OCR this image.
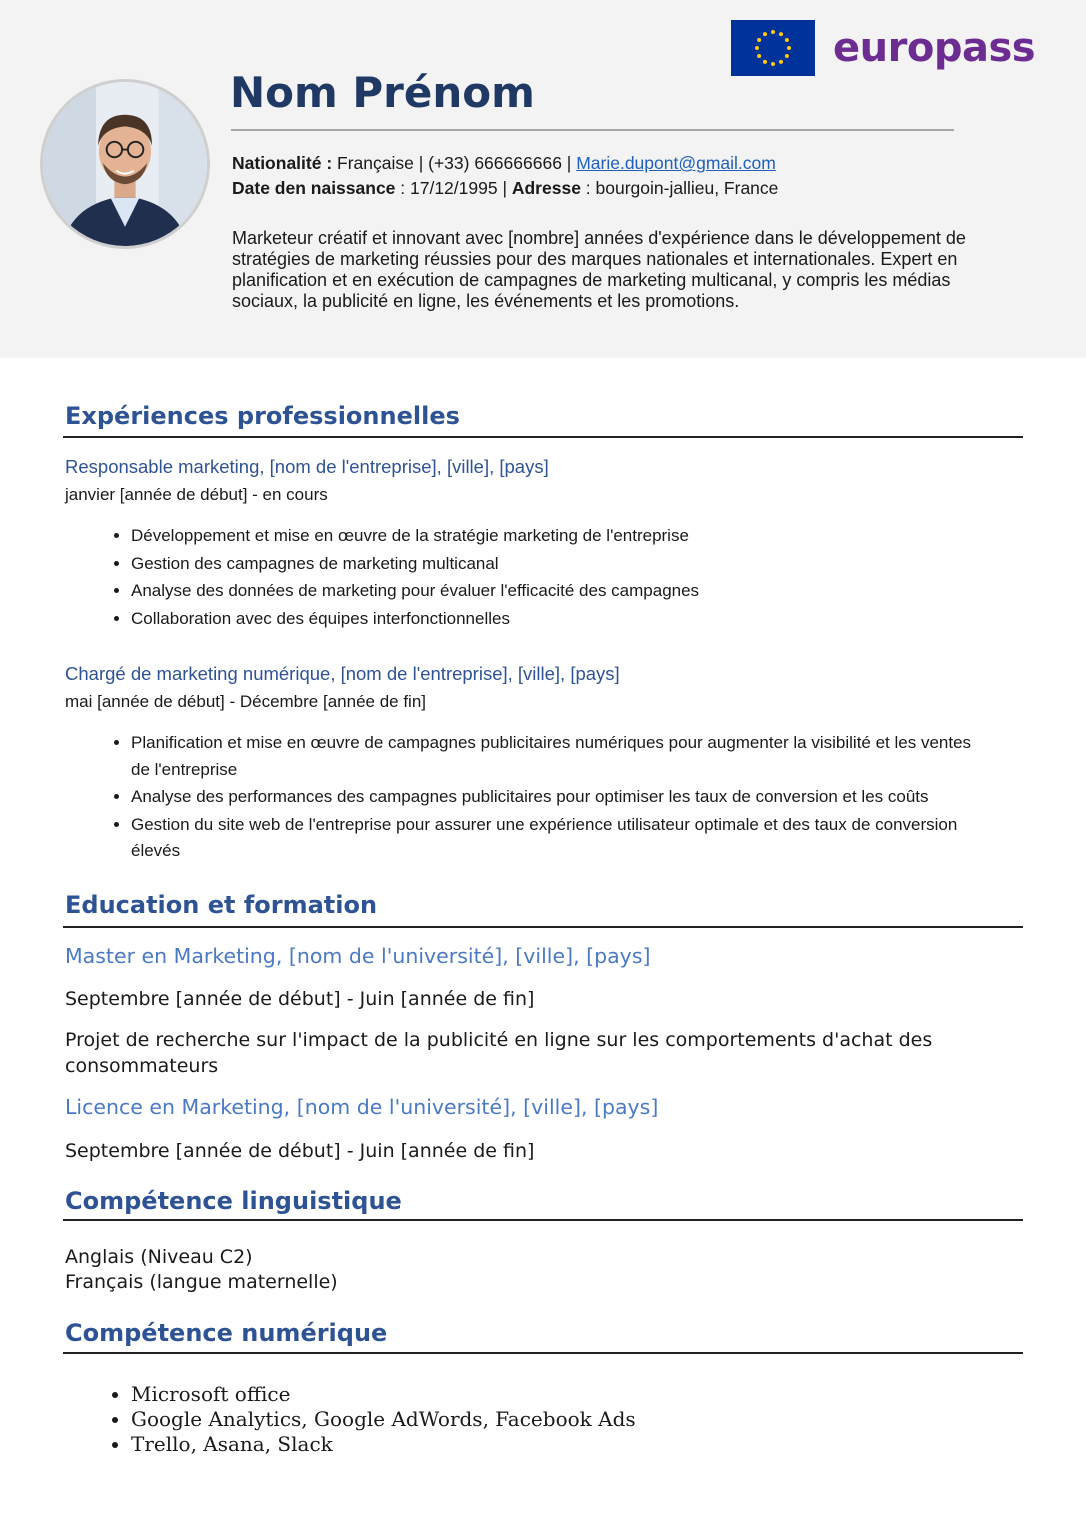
europass
Nom Prénom
Nationalité : Française | (+33) 666666666 | Marie.dupont@gmail.com
Date den naissance : 17/12/1995 | Adresse : bourgoin-jallieu, France

Marketeur créatif et innovant avec [nombre] années d'expérience dans le développement de stratégies de marketing réussies pour des marques nationales et internationales. Expert en planification et en exécution de campagnes de marketing multicanal, y compris les médias sociaux, la publicité en ligne, les événements et les promotions.

Expériences professionnelles
Responsable marketing, [nom de l'entreprise], [ville], [pays]
janvier [année de début] - en cours
• Développement et mise en œuvre de la stratégie marketing de l'entreprise
• Gestion des campagnes de marketing multicanal
• Analyse des données de marketing pour évaluer l'efficacité des campagnes
• Collaboration avec des équipes interfonctionnelles
Chargé de marketing numérique, [nom de l'entreprise], [ville], [pays]
mai [année de début] - Décembre [année de fin]
• Planification et mise en œuvre de campagnes publicitaires numériques pour augmenter la visibilité et les ventes de l'entreprise
• Analyse des performances des campagnes publicitaires pour optimiser les taux de conversion et les coûts
• Gestion du site web de l'entreprise pour assurer une expérience utilisateur optimale et des taux de conversion élevés
Education et formation
Master en Marketing, [nom de l'université], [ville], [pays]
Septembre [année de début] - Juin [année de fin]

Projet de recherche sur l'impact de la publicité en ligne sur les comportements d'achat des consommateurs

Licence en Marketing, [nom de l'université], [ville], [pays]
Septembre [année de début] - Juin [année de fin]
Compétence linguistique
Anglais (Niveau C2)
Français (langue maternelle)
Compétence numérique
• Microsoft office
• Google Analytics, Google AdWords, Facebook Ads
• Trello, Asana, Slack
